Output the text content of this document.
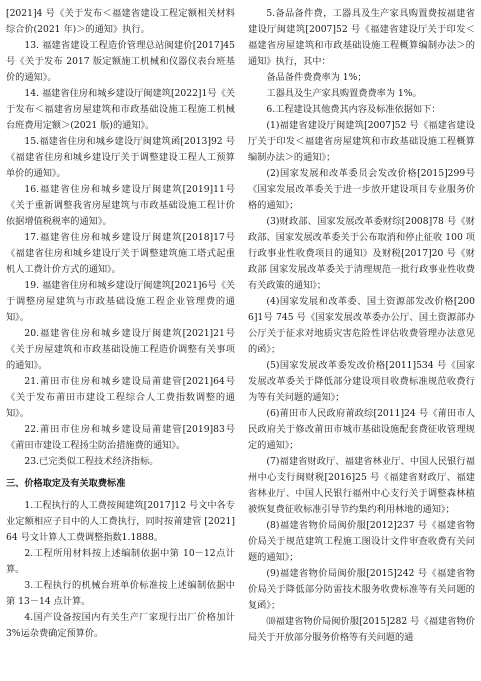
[2021]4 号《关于发布＜福建省建设工程定额相关材料综合价(2021 年)＞的通知》执行。

13. 福建省建设工程造价管理总站闽建价[2017]45 号《关于发布 2017 版定额施工机械和仪器仪表台班基价的通知》。

14. 福建省住房和城乡建设厅闽建筑[2022]1号《关于发布＜福建省房屋建筑和市政基础设施工程施工机械台班费用定额＞(2021 版)的通知》。

15.福建省住房和城乡建设厅闽建筑函[2013]92 号《福建省住房和城乡建设厅关于调整建设工程人工预算单价的通知》。

16.福建省住房和城乡建设厅闽建筑[2019]11号《关于重新调整我省房屋建筑与市政基础设施工程计价依据增值税税率的通知》。

17.福建省住房和城乡建设厅闽建筑[2018]17号《福建省住房和城乡建设厅关于调整建筑施工塔式起重机人工费计价方式的通知》。

19. 福建省住房和城乡建设厅闽建筑[2021]6号《关于调整房屋建筑与市政基础设施工程企业管理费的通知》。

20.福建省住房和城乡建设厅闽建筑[2021]21号《关于房屋建筑和市政基础设施工程造价调整有关事项的通知》。

21.莆田市住房和城乡建设局莆建管[2021]64号《关于发布莆田市建设工程综合人工费指数调整的通知》。

22.莆田市住房和城乡建设局莆建管[2019]83号《莆田市建设工程扬尘防治措施费的通知》。

23.已完类似工程技术经济指标。

三、价格取定及有关取费标准

1.工程执行的人工费按闽建筑[2017]12 号文中各专业定额相应子目中的人工费执行，同时按莆建管 [2021]64 号文计算人工费调整指数1.1888。

2.工程所用材料按上述编制依据中第 10－12点计算。

3.工程执行的机械台班单价标准按上述编制依据中第 13－14 点计算。

4.国产设备按国内有关生产厂家现行出厂价格加计 3%运杂费确定预算价。

5.备品备件费，工器具及生产家具购置费按福建省建设厅闽建筑[2007]52 号《福建省建设厅关于印发＜福建省房屋建筑和市政基础设施工程概算编制办法＞的通知》执行，其中：

备品备件费费率为 1%；

工器具及生产家具购置费费率为 1%。

6.工程建设其他费其内容及标准依据如下：

(1)福建省建设厅闽建筑[2007]52 号《福建省建设厅关于印发＜福建省房屋建筑和市政基础设施工程概算编制办法＞的通知》；

(2)国家发展和改革委员会发改价格[2015]299号《国家发展改革委关于进一步放开建设项目专业服务价格的通知》；

(3)财政部、国家发展改革委财综[2008]78 号《财政部、国家发展改革委关于公布取消和停止征收 100 项行政事业性收费项目的通知》及财税[2017]20 号《财政部 国家发展改革委关于清理规范一批行政事业性收费有关政策的通知》；

(4)国家发展和改革委、国土资源部发改价格[2006]1号 745 号《国家发展改革委办公厅、国土资源部办公厅关于征求对地质灾害危险性评估收费管理办法意见的函》；

(5)国家发展改革委发改价格[2011]534 号《国家发展改革委关于降低部分建设项目收费标准规范收费行为等有关问题的通知》；

(6)莆田市人民政府莆政综[2011]24 号《莆田市人民政府关于修改莆田市城市基础设施配套费征收管理规定的通知》；

(7)福建省财政厅、福建省林业厅、中国人民银行福州中心支行闽财税[2016]25 号《福建省财政厅、福建省林业厅、中国人民银行福州中心支行关于调整森林植被恢复费征收标准引导节约集约利用林地的通知》；

(8)福建省物价局闽价服[2012]237 号《福建省物价局关于规范建筑工程施工图设计文件审查收费有关问题的通知》；

(9)福建省物价局闽价服[2015]242 号《福建省物价局关于降低部分防雷技术服务收费标准等有关问题的复函》；

⑽福建省物价局闽价服[2015]282 号《福建省物价局关于开放部分服务价格等有关问题的通
